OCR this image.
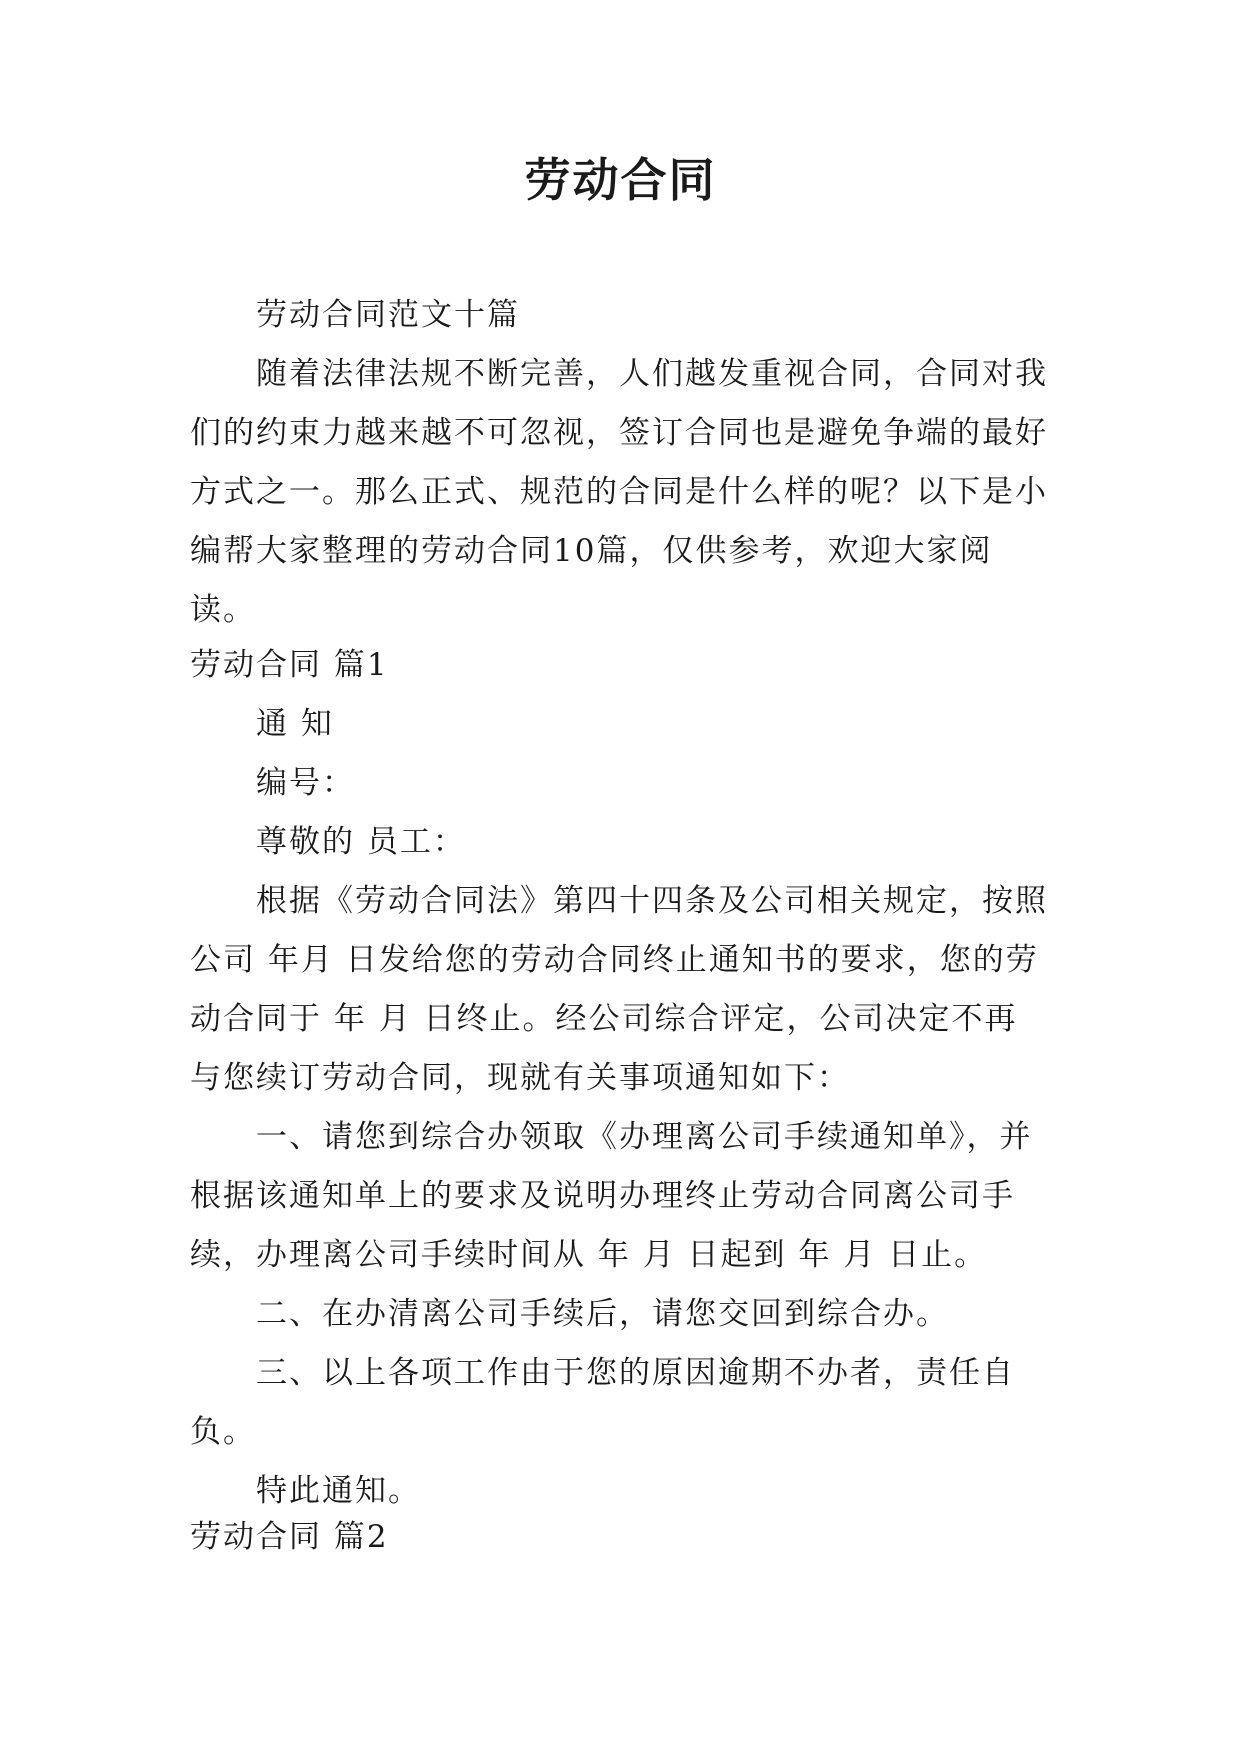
劳动合同

劳动合同范文十篇

随着法律法规不断完善，人们越发重视合同，合同对我们的约束力越来越不可忽视，签订合同也是避免争端的最好方式之一。那么正式、规范的合同是什么样的呢？以下是小编帮大家整理的劳动合同10篇，仅供参考，欢迎大家阅读。

劳动合同 篇1

通 知

编号：

尊敬的 员工：

根据《劳动合同法》第四十四条及公司相关规定，按照公司 年月 日发给您的劳动合同终止通知书的要求，您的劳动合同于 年 月 日终止。经公司综合评定，公司决定不再与您续订劳动合同，现就有关事项通知如下：

一、请您到综合办领取《办理离公司手续通知单》，并根据该通知单上的要求及说明办理终止劳动合同离公司手续，办理离公司手续时间从 年 月 日起到 年 月 日止。

二、在办清离公司手续后，请您交回到综合办。

三、以上各项工作由于您的原因逾期不办者，责任自负。

特此通知。

劳动合同 篇2
